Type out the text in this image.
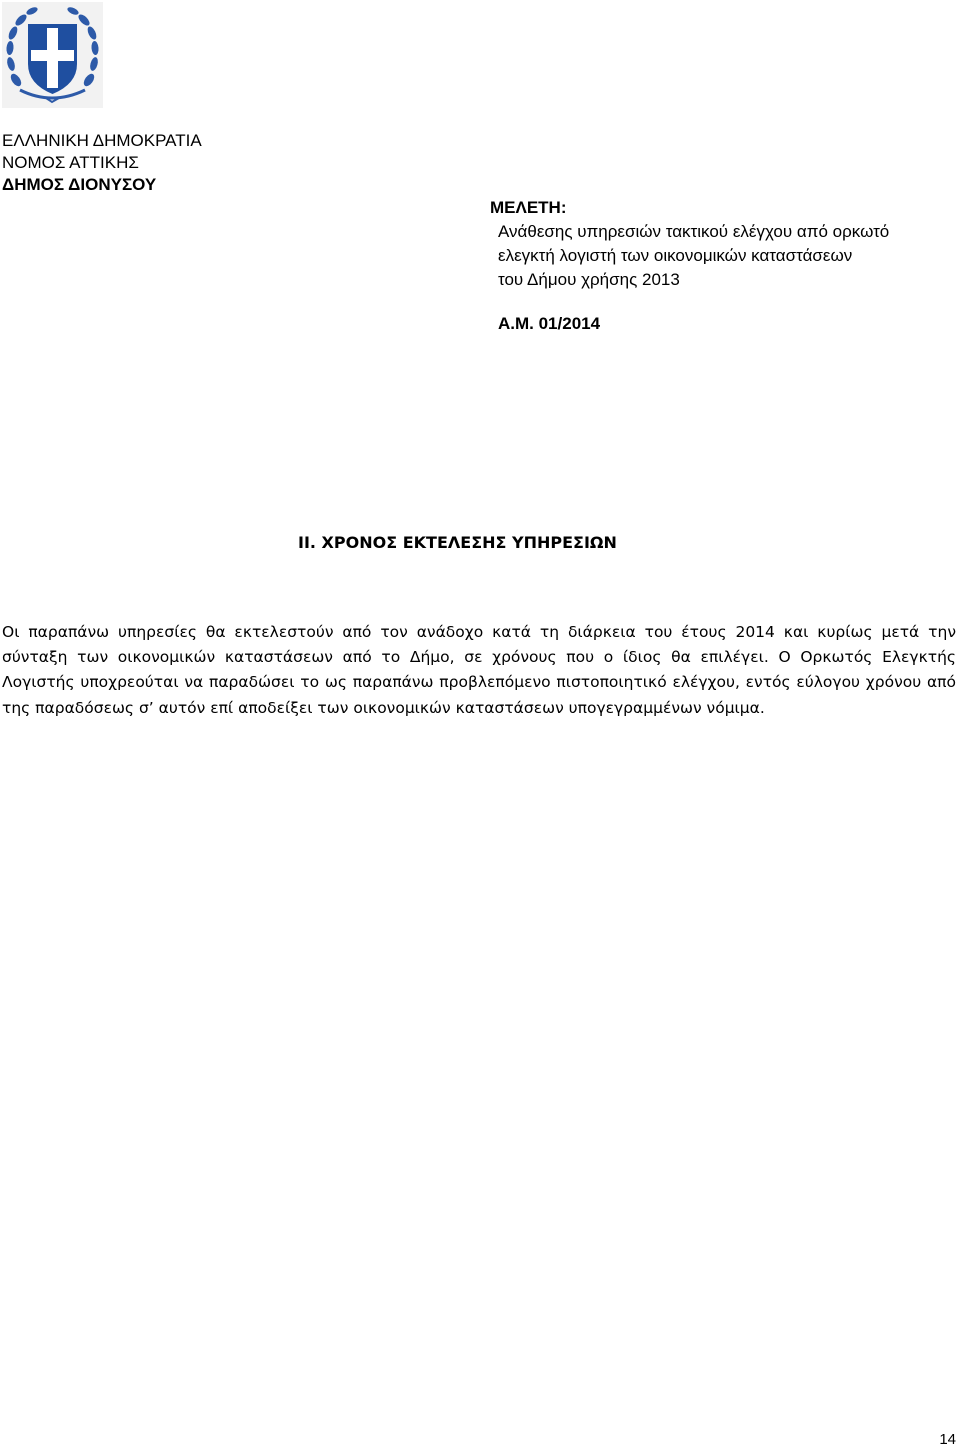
ΕΛΛΗΝΙΚΗ ΔΗΜΟΚΡΑΤΙΑ
ΝΟΜΟΣ ΑΤΤΙΚΗΣ
ΔΗΜΟΣ ΔΙΟΝΥΣΟΥ
ΜΕΛΕΤΗ:
Ανάθεσης υπηρεσιών τακτικού ελέγχου από ορκωτό
ελεγκτή λογιστή των οικονομικών καταστάσεων
του Δήμου χρήσης 2013
Α.Μ. 01/2014
ΙΙ. ΧΡΟΝΟΣ ΕΚΤΕΛΕΣΗΣ ΥΠΗΡΕΣΙΩΝ
Οι παραπάνω υπηρεσίες θα εκτελεστούν από τον ανάδοχο κατά τη διάρκεια του έτους 2014 και κυρίως μετά την σύνταξη των οικονομικών καταστάσεων από το Δήμο, σε χρόνους που ο ίδιος θα επιλέγει. Ο Ορκωτός Ελεγκτής Λογιστής υποχρεούται να παραδώσει το ως παραπάνω προβλεπόμενο πιστοποιητικό ελέγχου, εντός εύλογου χρόνου από της παραδόσεως σ’ αυτόν επί αποδείξει των οικονομικών καταστάσεων υπογεγραμμένων νόμιμα.
14
